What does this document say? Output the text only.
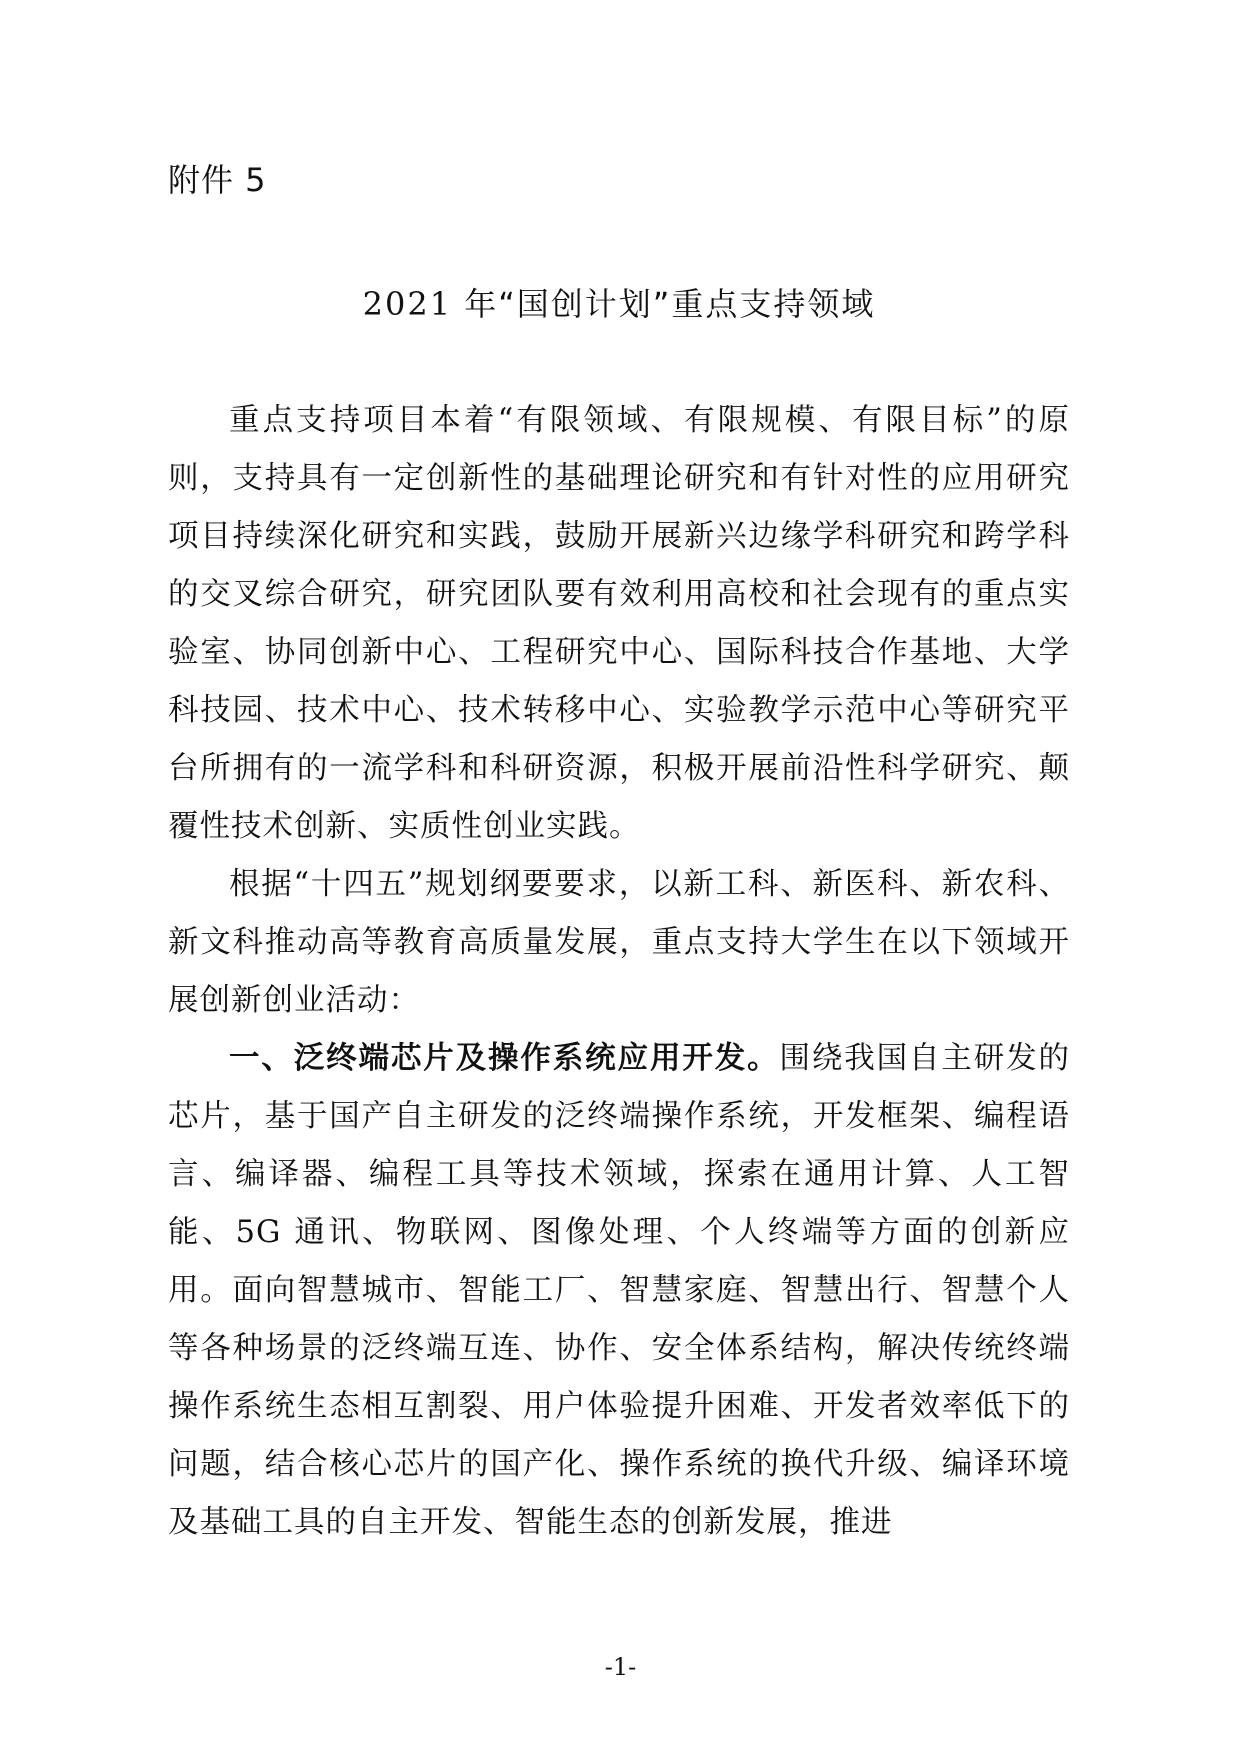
附件 5
2021 年“国创计划”重点支持领域

重点支持项目本着“有限领域、有限规模、有限目标”的原则，支持具有一定创新性的基础理论研究和有针对性的应用研究项目持续深化研究和实践，鼓励开展新兴边缘学科研究和跨学科的交叉综合研究，研究团队要有效利用高校和社会现有的重点实验室、协同创新中心、工程研究中心、国际科技合作基地、大学科技园、技术中心、技术转移中心、实验教学示范中心等研究平台所拥有的一流学科和科研资源，积极开展前沿性科学研究、颠覆性技术创新、实质性创业实践。

根据“十四五”规划纲要要求，以新工科、新医科、新农科、新文科推动高等教育高质量发展，重点支持大学生在以下领域开展创新创业活动：

一、泛终端芯片及操作系统应用开发。围绕我国自主研发的芯片，基于国产自主研发的泛终端操作系统，开发框架、编程语言、编译器、编程工具等技术领域，探索在通用计算、人工智能、5G 通讯、物联网、图像处理、个人终端等方面的创新应用。面向智慧城市、智能工厂、智慧家庭、智慧出行、智慧个人等各种场景的泛终端互连、协作、安全体系结构，解决传统终端操作系统生态相互割裂、用户体验提升困难、开发者效率低下的问题，结合核心芯片的国产化、操作系统的换代升级、编译环境及基础工具的自主开发、智能生态的创新发展，推进

-1-
